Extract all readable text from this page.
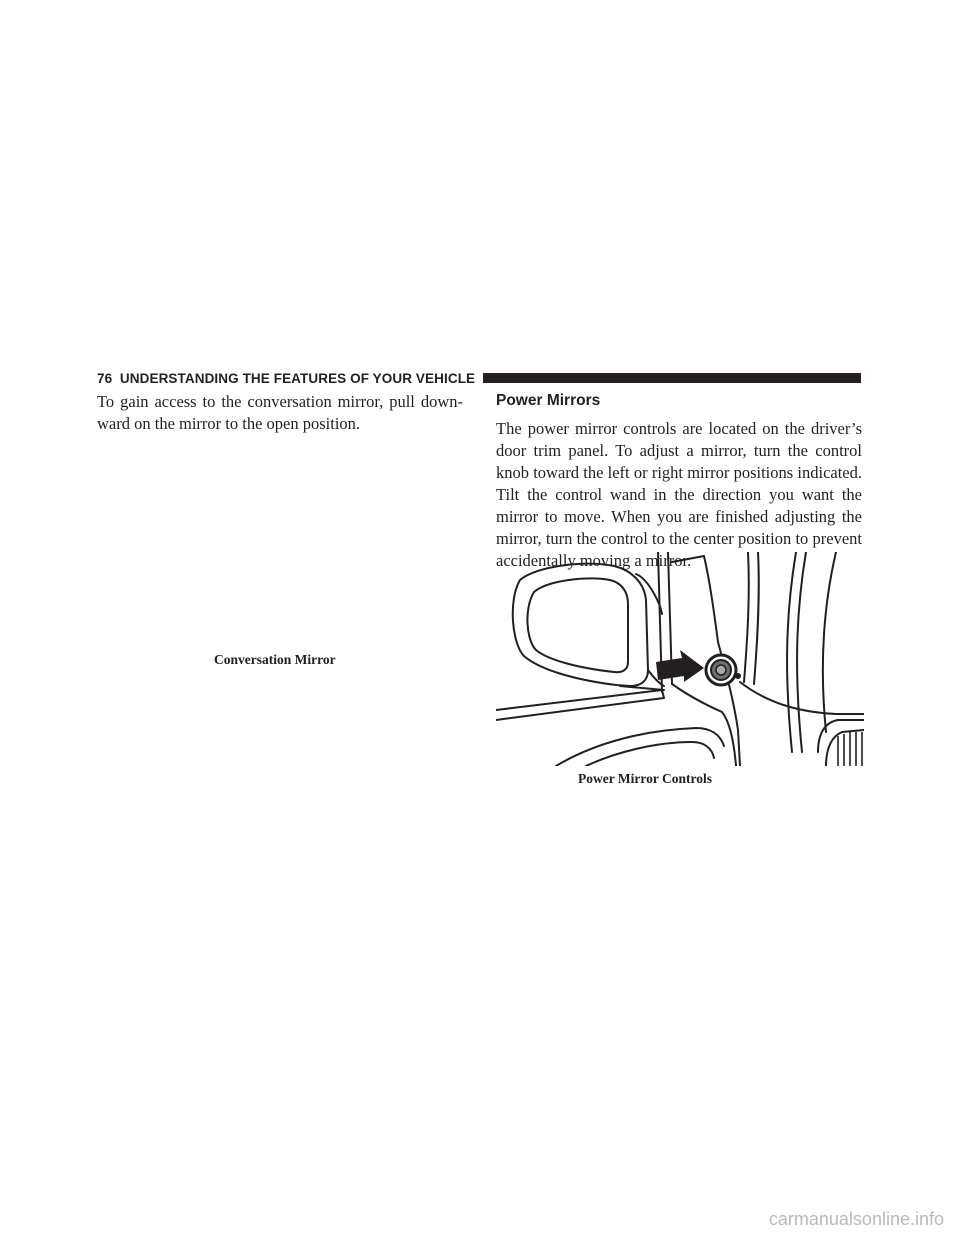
76 UNDERSTANDING THE FEATURES OF YOUR VEHICLE

To gain access to the conversation mirror, pull down-ward on the mirror to the open position.

Conversation Mirror
Power Mirrors

The power mirror controls are located on the driver’s door trim panel. To adjust a mirror, turn the control knob toward the left or right mirror positions indicated. Tilt the control wand in the direction you want the mirror to move. When you are finished adjusting the mirror, turn the control to the center position to prevent accidentally moving a mirror.

Power Mirror Controls
carmanualsonline.info
